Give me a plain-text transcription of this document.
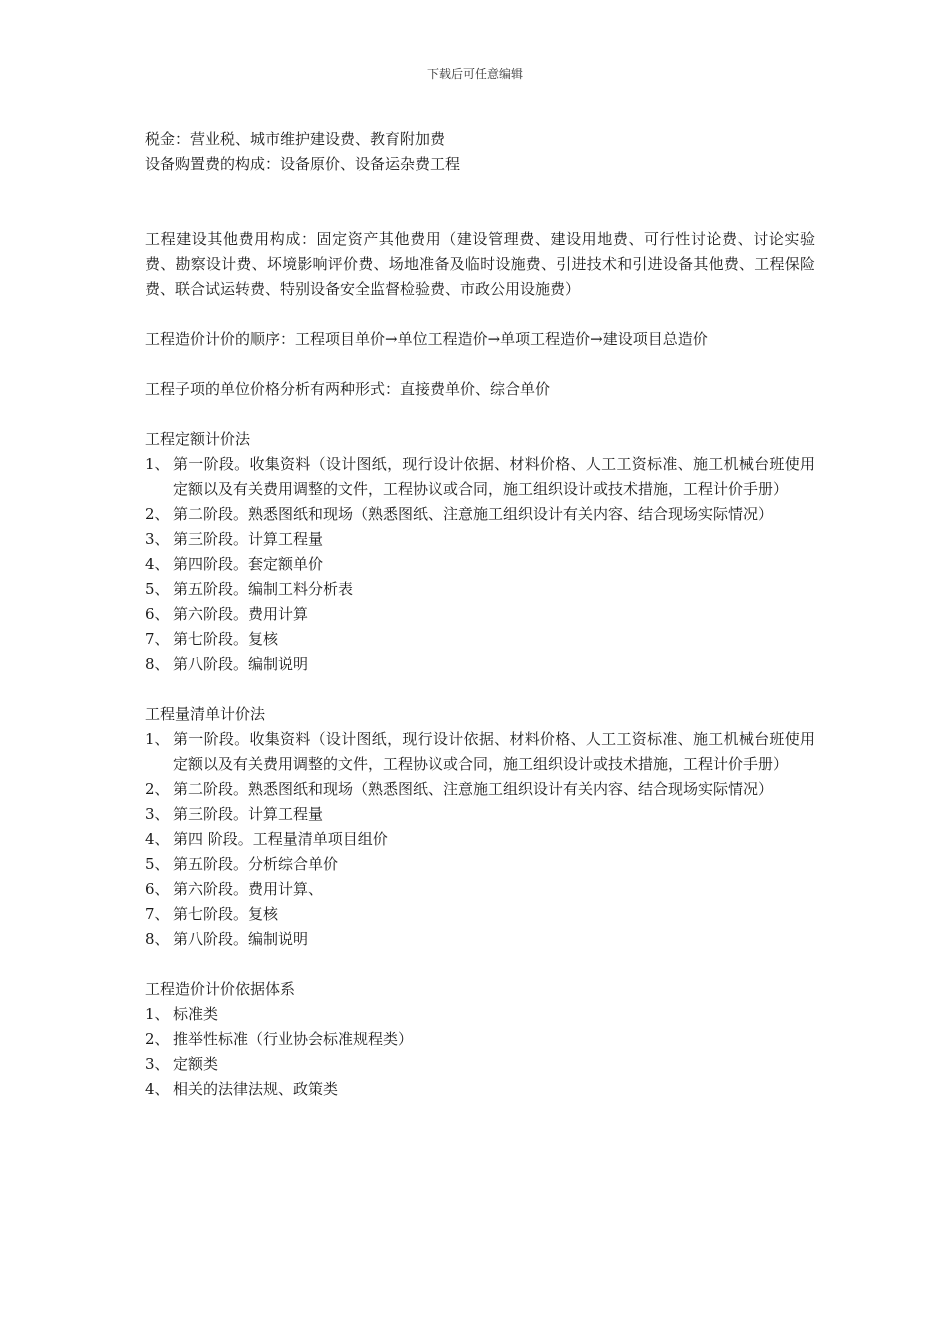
下载后可任意编辑

税金：营业税、城市维护建设费、教育附加费

设备购置费的构成：设备原价、设备运杂费工程

工程建设其他费用构成：固定资产其他费用（建设管理费、建设用地费、可行性讨论费、讨论实验费、勘察设计费、坏境影响评价费、场地准备及临时设施费、引进技术和引进设备其他费、工程保险费、联合试运转费、特别设备安全监督检验费、市政公用设施费）

工程造价计价的顺序：工程项目单价→单位工程造价→单项工程造价→建设项目总造价

工程子项的单位价格分析有两种形式：直接费单价、综合单价

工程定额计价法

1、 第一阶段。收集资料（设计图纸，现行设计依据、材料价格、人工工资标准、施工机械台班使用定额以及有关费用调整的文件，工程协议或合同，施工组织设计或技术措施，工程计价手册）
2、 第二阶段。熟悉图纸和现场（熟悉图纸、注意施工组织设计有关内容、结合现场实际情况）
3、 第三阶段。计算工程量
4、 第四阶段。套定额单价
5、 第五阶段。编制工料分析表
6、 第六阶段。费用计算
7、 第七阶段。复核
8、 第八阶段。编制说明

工程量清单计价法

1、 第一阶段。收集资料（设计图纸，现行设计依据、材料价格、人工工资标准、施工机械台班使用定额以及有关费用调整的文件，工程协议或合同，施工组织设计或技术措施，工程计价手册）
2、 第二阶段。熟悉图纸和现场（熟悉图纸、注意施工组织设计有关内容、结合现场实际情况）
3、 第三阶段。计算工程量
4、 第四 阶段。工程量清单项目组价
5、 第五阶段。分析综合单价
6、 第六阶段。费用计算、
7、 第七阶段。复核
8、 第八阶段。编制说明

工程造价计价依据体系

1、 标准类
2、 推举性标准（行业协会标准规程类）
3、 定额类
4、 相关的法律法规、政策类
